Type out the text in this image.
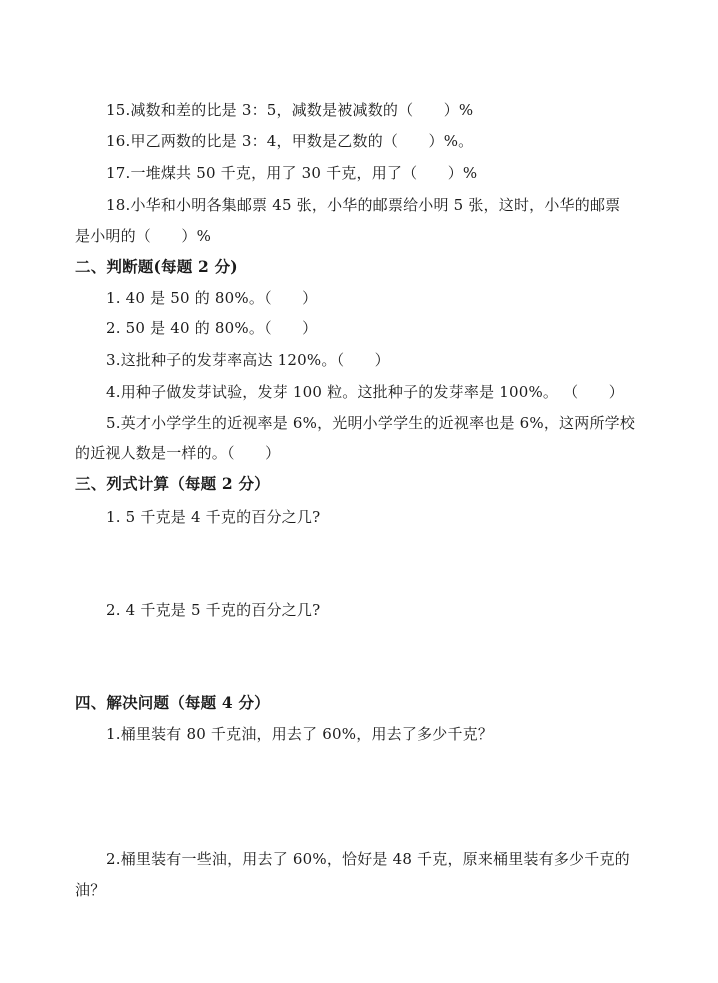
15.减数和差的比是 3：5，减数是被减数的（　　）%
16.甲乙两数的比是 3：4，甲数是乙数的（　　）%。
17.一堆煤共 50 千克，用了 30 千克，用了（　　）%
18.小华和小明各集邮票 45 张，小华的邮票给小明 5 张，这时，小华的邮票
是小明的（　　）%
二、判断题(每题 2 分)
1. 40 是 50 的 80%。（　　）
2. 50 是 40 的 80%。（　　）
3.这批种子的发芽率高达 120%。（　　）
4.用种子做发芽试验，发芽 100 粒。这批种子的发芽率是 100%。 （　　）
5.英才小学学生的近视率是 6%，光明小学学生的近视率也是 6%，这两所学校
的近视人数是一样的。（　　）
三、列式计算（每题 2 分）
1. 5 千克是 4 千克的百分之几?
2. 4 千克是 5 千克的百分之几?
四、解决问题（每题 4 分）
1.桶里装有 80 千克油，用去了 60%，用去了多少千克？
2.桶里装有一些油，用去了 60%，恰好是 48 千克，原来桶里装有多少千克的
油？
